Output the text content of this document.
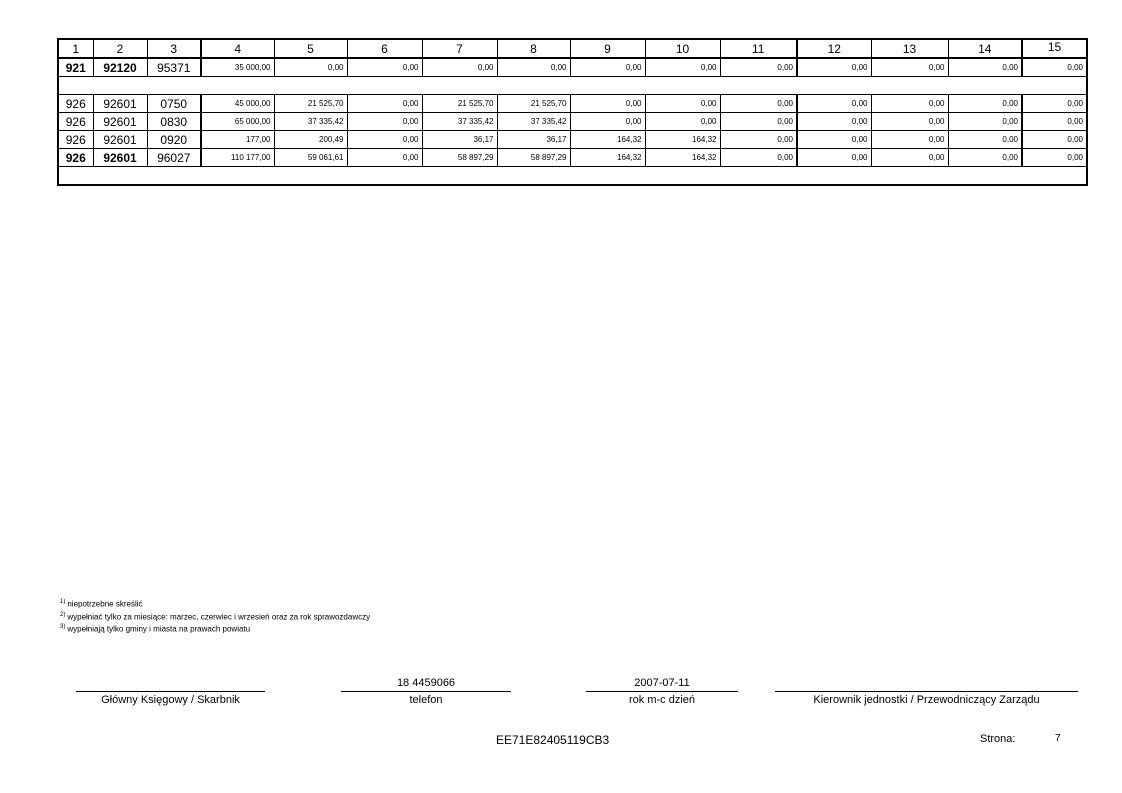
1	2	3	4	5	6	7	8	9	10	11	12	13	14	15
921	92120	95371	35 000,00	0,00	0,00	0,00	0,00	0,00	0,00	0,00	0,00	0,00	0,00	0,00

926	92601	0750	45 000,00	21 525,70	0,00	21 525,70	21 525,70	0,00	0,00	0,00	0,00	0,00	0,00	0,00
926	92601	0830	65 000,00	37 335,42	0,00	37 335,42	37 335,42	0,00	0,00	0,00	0,00	0,00	0,00	0,00
926	92601	0920	177,00	200,49	0,00	36,17	36,17	164,32	164,32	0,00	0,00	0,00	0,00	0,00
926	92601	96027	110 177,00	59 061,61	0,00	58 897,29	58 897,29	164,32	164,32	0,00	0,00	0,00	0,00	0,00

$^{1)}$ niepotrzebne skreślić
$^{2)}$ wypełniać tylko za miesiące: marzec, czerwiec i wrzesień oraz za rok sprawozdawczy
$^{3)}$ wypełniają tylko gminy i miasta na prawach powiatu
Główny Księgowy / Skarbnik
18 4459066
telefon
2007-07-11
rok m-c dzień	Kierownik jednostki / Przewodniczący Zarządu
EE71E82405119CB3	Strona:	7
